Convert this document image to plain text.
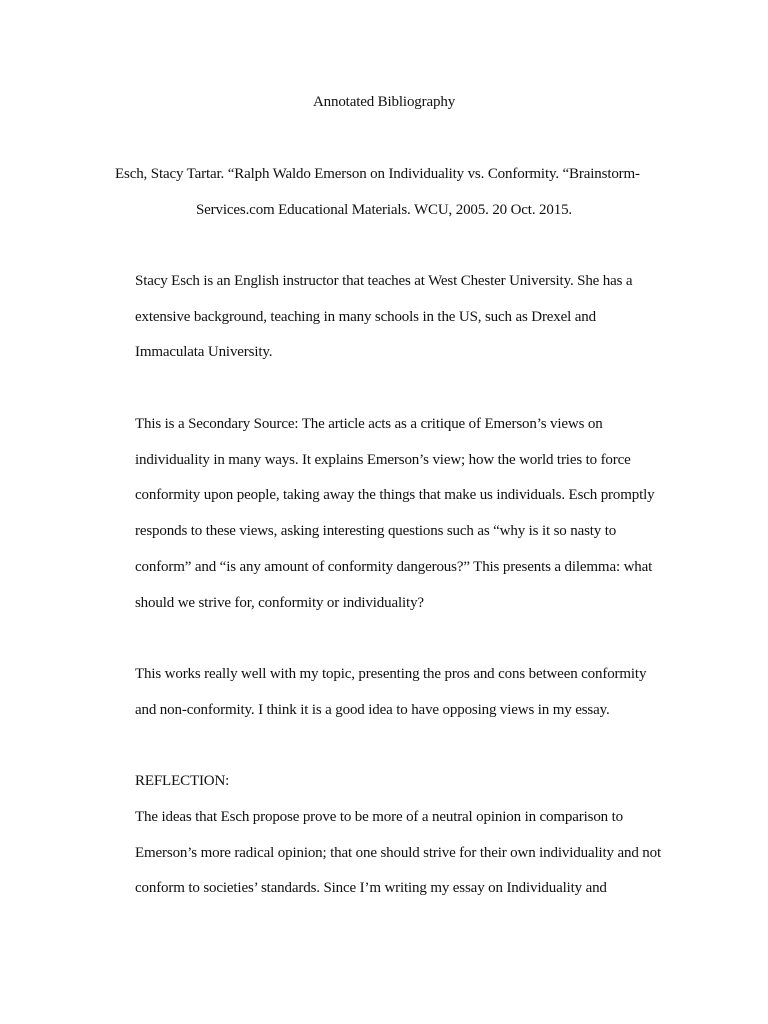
Annotated Bibliography
Esch, Stacy Tartar. “Ralph Waldo Emerson on Individuality vs. Conformity. “Brainstorm-
Services.com Educational Materials. WCU, 2005. 20 Oct. 2015.
Stacy Esch is an English instructor that teaches at West Chester University. She has a
extensive background, teaching in many schools in the US, such as Drexel and
Immaculata University.
This is a Secondary Source: The article acts as a critique of Emerson’s views on
individuality in many ways. It explains Emerson’s view; how the world tries to force
conformity upon people, taking away the things that make us individuals. Esch promptly
responds to these views, asking interesting questions such as “why is it so nasty to
conform” and “is any amount of conformity dangerous?” This presents a dilemma: what
should we strive for, conformity or individuality?
This works really well with my topic, presenting the pros and cons between conformity
and non-conformity. I think it is a good idea to have opposing views in my essay.
REFLECTION:
The ideas that Esch propose prove to be more of a neutral opinion in comparison to
Emerson’s more radical opinion; that one should strive for their own individuality and not
conform to societies’ standards. Since I’m writing my essay on Individuality and
